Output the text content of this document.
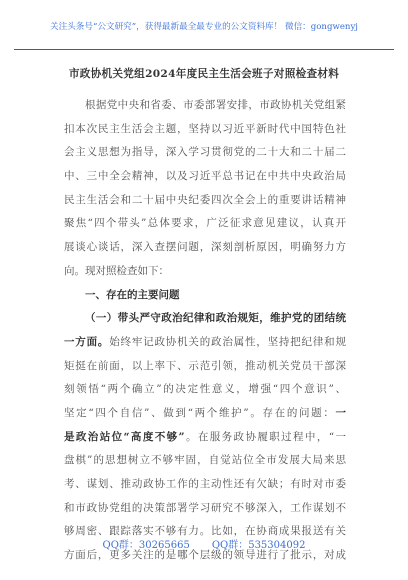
关注头条号“公文研究”，获得最新最全最专业的公文资料库！ 微信：gongwenyj
市政协机关党组2024年度民主生活会班子对照检查材料
根据党中央和省委、市委部署安排，市政协机关党组紧
扣本次民主生活会主题，坚持以习近平新时代中国特色社
会主义思想为指导，深入学习贯彻党的二十大和二十届二
中、三中全会精神，以及习近平总书记在中共中央政治局
民主生活会和二十届中央纪委四次全会上的重要讲话精神
聚焦“四个带头”总体要求，广泛征求意见建议，认真开
展谈心谈话，深入查摆问题，深刻剖析原因，明确努力方
向。现对照检查如下：
一、存在的主要问题
（一）带头严守政治纪律和政治规矩，维护党的团结统
一方面。始终牢记政协机关的政治属性，坚持把纪律和规
矩挺在前面，以上率下、示范引领，推动机关党员干部深
刻领悟“两个确立”的决定性意义，增强“四个意识”、
坚定“四个自信”、做到“两个维护”。存在的问题：一
是政治站位“高度不够”。在服务政协履职过程中，“一
盘棋”的思想树立不够牢固，自觉站位全市发展大局来思
考、谋划、推动政协工作的主动性还有欠缺；有时对市委
和市政协党组的决策部署学习研究不够深入，工作谋划不
够周密、跟踪落实不够有力。比如，在协商成果报送有关
方面后，更多关注的是哪个层级的领导进行了批示，对成
QQ群：30265665 QQ群：535304092
